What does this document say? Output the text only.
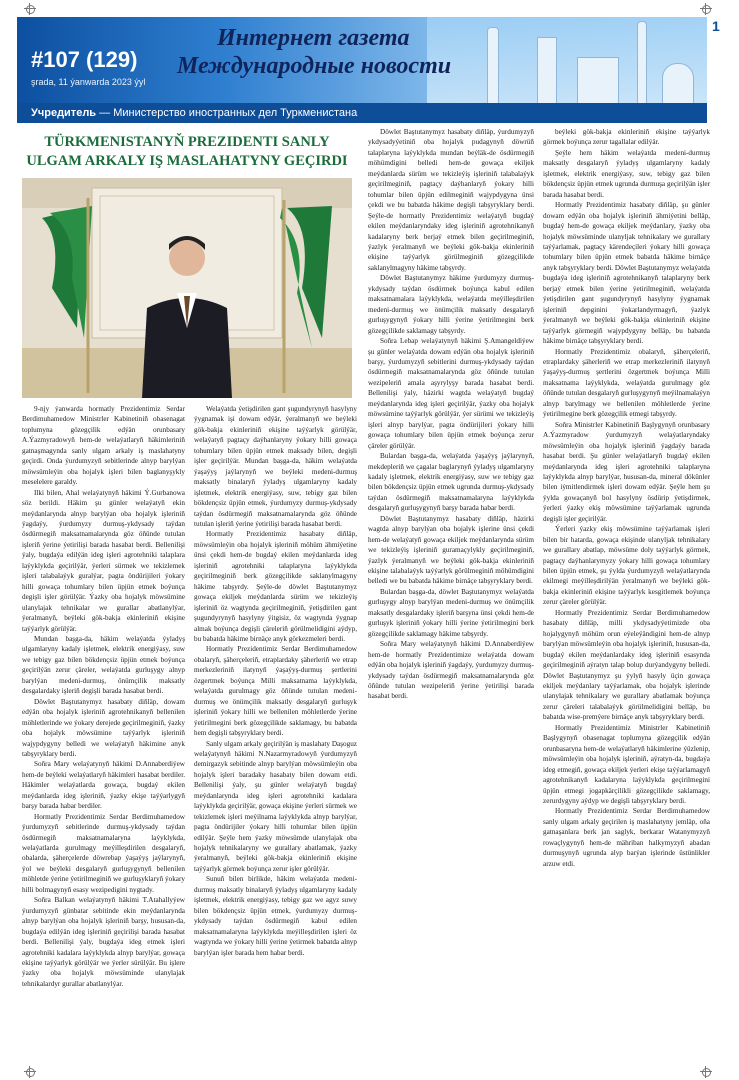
#107 (129)
şrada, 11 ýanwarda 2023 ýyl
Интернет газета
Международные новости
Учредитель — Министерство иностранных дел Туркменистана
1
TÜRKMENISTANYŇ PREZIDENTI SANLY ULGAM ARKALY IŞ MASLAHATYNY GEÇIRDI

9-njy ýanwarda hormatly Prezidentimiz Serdar Berdimuhamedow Ministrler Kabinetiniň obasenagat toplumyna gözegçilik edýän orunbasary A.Ýazmyradowyň hem-de welaýatlaryň häkimleriniň gatnaşmagynda sanly ulgam arkaly iş maslahatyny geçirdi. Onda ýurdumyzyň sebitlerinde alnyp barylýan möwsümleýin oba hojalyk işleri bilen baglanyşykly meselelere garaldy.

Ilki bilen, Ahal welaýatynyň häkimi Ý.Gurbanowa söz berildi. Häkim şu günler welaýatyň ekin meýdanlarynda alnyp barylýan oba hojalyk işleriniň ýagdaýy, ýurdumyzy durmuş-ykdysady taýdan ösdürmegiň maksatnamalarynda göz öňünde tutulan işleriň ýerine ýetirilişi barada hasabat berdi. Bellenilişi ýaly, bugdaýa edilýän ideg işleri agrotehniki talaplara laýyklykda geçirilýär, ýerleri sürmek we tekizlemek işleri talabalaýyk guralýar, pagta öndürijileri ýokary hilli gowaça tohumlary bilen üpjün etmek boýunça degişli işler görülýär. Ýazky oba hojalyk möwsümine ulanylajak tehnikalar we gurallar abatlanylýar, ýeralmanyň, beýleki gök-bakja ekinleriniň ekişine taýýarlyk görülýär.

Mundan başga-da, häkim welaýatda ýyladyş ulgamlaryny kadaly işletmek, elektrik energiýasy, suw we tebigy gaz bilen bökdençsiz üpjün etmek boýunça geçirilýän zerur çäreler, welaýatda gurluşygy alnyp barylýan medeni-durmuş, önümçilik maksatly desgalardaky işleriň degişli barada hasabat berdi.

Döwlet Baştutanymyz hasabaty diňläp, dowam edýän oba hojalyk işleriniň agrotehnikanyň bellenilen möhletlerinde we ýokary derejede geçirilmeginiň, ýazky oba hojalyk möwsümine taýýarlyk işleriniň wajypdygyny belledi we welaýatyň häkimine anyk tabşyryklary berdi.

Soňra Mary welaýatynyň häkimi D.Annaberdiýew hem-de beýleki welaýatlaryň häkimleri hasabat berdiler. Häkimler welaýatlarda gowaça, bugdaý ekilen meýdanlarda ideg işleriniň, ýazky ekişe taýýarlygyň barşy barada habar berdiler.

Hormatly Prezidentimiz Serdar Berdimuhamedow ýurdumyzyň sebitlerinde durmuş-ykdysady taýdan ösdürmegiň maksatnamalaryna laýyklykda, welaýatlarda gurulmagy meýilleşdirilen desgalaryň, obalarda, şäherçelerde döwrebap ýaşaýyş jaýlarynyň, ýol we beýleki desgalaryň gurluşygynyň bellenilen möhletde ýerine ýetirilmeginiň we gurluşyklaryň ýokary hilli bolmagynyň esasy wezipedigini nygtady.

Soňra Balkan welaýatynyň häkimi T.Atahallyýew ýurdumyzyň günbatar sebitinde ekin meýdanlarynda alnyp barylýan oba hojalyk işleriniň barşy, hususan-da, bugdaýa edilýän ideg işleriniň geçirilişi barada hasabat berdi. Bellenilişi ýaly, bugdaýa ideg etmek işleri agrotehniki kadalara laýyklykda alnyp barylýar, gowaça ekişine taýýarlyk görülýär we ýerler sürülýär. Bu işlere ýazky oba hojalyk möwsüminde ulanylajak tehnikalardyr gurallar abatlanylýar.

Welaýatda ýetişdirilen gant şugundyrynyň hasylyny ýygnamak işi dowam edýär, ýeralmanyň we beýleki gök-bakja ekinleriniň ekişine taýýarlyk görülýär, welaýatyň pagtaçy daýhanlaryny ýokary hilli gowaça tohumlary bilen üpjün etmek maksady bilen, degişli işler geçirilýär. Mundan başga-da, häkim welaýatda ýaşaýyş jaýlarynyň we beýleki medeni-durmuş maksatly binalaryň ýyladyş ulgamlaryny kadaly işletmek, elektrik energiýasy, suw, tebigy gaz bilen bökdençsiz üpjün etmek, ýurdumyzy durmuş-ykdysady taýdan ösdürmegiň maksatnamalarynda göz öňünde tutulan işleriň ýerine ýetirilişi barada hasabat berdi.

Hormatly Prezidentimiz hasabaty diňläp, möwsümleýin oba hojalyk işleriniň möhüm ähmiýetine ünsi çekdi hem-de bugdaý ekilen meýdanlarda ideg işleriniň agrotehniki talaplaryna laýyklykda geçirilmeginiň berk gözegçilikde saklanylmagyny häkime tabşyrdy. Şeýle-de döwlet Baştutanymyz gowaça ekiljek meýdanlarda sürüm we tekizleýiş işleriniň öz wagtynda geçirilmeginiň, ýetişdirilen gant şugundyrynyň hasylyny ýitgisiz, öz wagtynda ýygnap almak boýunça degişli çäreleriň görülmelidigini aýdyp, bu babatda häkime birnäçe anyk görkezmeleri berdi.

Hormatly Prezidentimiz Serdar Berdimuhamedow obalaryň, şäherçeleriň, etraplardaky şäherleriň we etrap merkezleriniň ilatynyň ýaşaýyş-durmuş şertlerini özgertmek boýunça Milli maksatnama laýyklykda, welaýatda gurulmagy göz öňünde tutulan medeni-durmuş we önümçilik maksatly desgalaryň gurluşyk işleriniň ýokary hilli we bellenilen möhletlerde ýerine ýetirilmegini berk gözegçilikde saklamagy, bu babatda hem degişli tabşyryklary berdi.

Sanly ulgam arkaly geçirilýän iş maslahaty Daşoguz welaýatynyň häkimi N.Nazarmyradowyň ýurdumyzyň demirgazyk sebitinde alnyp barylýan möwsümleýin oba hojalyk işleri baradaky hasabaty bilen dowam etdi. Bellenilişi ýaly, şu günler welaýatyň bugdaý meýdanlarynda ideg işleri agrotehniki kadalara laýyklykda geçirilýär, gowaça ekişine ýerleri sürmek we tekizlemek işleri meýilnama laýyklykda alnyp barylýar, pagta öndürijiler ýokary hilli tohumlar bilen üpjün edilýär. Şeýle hem ýazky möwsümde ulanylajak oba hojalyk tehnikalaryny we gurallary abatlamak, ýazky ýeralmanyň, beýleki gök-bakja ekinleriniň ekişine taýýarlyk görmek boýunça zerur işler görülýär.

Sunuň bilen birlikde, häkim welaýatda medeni-durmuş maksatly binalaryň ýyladyş ulgamlaryny kadaly işletmek, elektrik energiýasy, tebigy gaz we agyz suwy bilen bökdençsiz üpjün etmek, ýurdumyzy durmuş-ykdysady taýdan ösdürmegiň kabul edilen maksatnamalaryna laýyklykda meýilleşdirilen işleri öz wagtynda we ýokary hilli ýerine ýetirmek babatda alnyp barylýan işler barada hem habar berdi.

Döwlet Baştutanymyz hasabaty diňläp, ýurdumyzyň ykdysadyýetiniň oba hojalyk pudagynyň döwrüň talaplaryna laýyklykda mundan beýläk-de ösdürmegiň möhümdigini belledi hem-de gowaça ekiljek meýdanlarda sürüm we tekizleýiş işleriniň talabalaýyk geçirilmeginiň, pagtaçy daýhanlaryň ýokary hilli tohumlar bilen üpjün edilmeginiň wajypdygyna ünsi çekdi we bu babatda häkime degişli tabşyryklary berdi. Şeýle-de hormatly Prezidentimiz welaýatyň bugdaý ekilen meýdanlaryndaky ideg işleriniň agrotehnikanyň kadalaryny berk berjaý etmek bilen geçirilmeginiň, ýazlyk ýeralmanyň we beýleki gök-bakja ekinleriniň ekişine taýýarlyk görülmeginiň gözegçilikde saklanylmagyny häkime tabşyrdy.

Döwlet Baştutanymyz häkime ýurdumyzy durmuş-ykdysady taýdan ösdürmek boýunça kabul edilen maksatnamalara laýyklykda, welaýatda meýilleşdirilen medeni-durmuş we önümçilik maksatly desgalaryň gurluşygynyň ýokary hilli ýerine ýetirilmegini berk gözegçilikde saklamagy tabşyrdy.

Soňra Lebap welaýatynyň häkimi Ş.Amangeldiýew şu günler welaýatda dowam edýän oba hojalyk işleriniň barşy, ýurdumyzyň sebitlerini durmuş-ykdysady taýdan ösdürmegiň maksatnamalarynda göz öňünde tutulan wezipeleriň amala aşyrylyşy barada hasabat berdi. Bellenilişi ýaly, häzirki wagtda welaýatyň bugdaý meýdanlarynda ideg işleri geçirilýär, ýazky oba hojalyk möwsümine taýýarlyk görülýär, ýer sürümi we tekizleýiş işleri alnyp barylýar, pagta öndürijileri ýokary hilli gowaça tohumlary bilen üpjün etmek boýunça zerur çäreler görülýär.

Bulardan başga-da, welaýatda ýaşaýyş jaýlarynyň, mekdepleriň we çagalar baglarynyň ýyladyş ulgamlaryny kadaly işletmek, elektrik energiýasy, suw we tebigy gaz bilen bökdençsiz üpjün etmek ugrunda durmuş-ykdysady taýdan ösdürmegiň maksatnamalaryna laýyklykda desgalaryň gurluşygynyň barşy barada habar berdi.

Döwlet Baştutanymyz hasabaty diňläp, häzirki wagtda alnyp barylýan oba hojalyk işlerine ünsi çekdi hem-de welaýatyň gowaça ekiljek meýdanlarynda sürüm we tekizleýiş işleriniň guramaçylykly geçirilmeginiň, ýazlyk ýeralmanyň we beýleki gök-bakja ekinleriniň ekişine talabalaýyk taýýarlyk görülmeginiň möhümdigini belledi we bu babatda häkime birnäçe tabşyryklary berdi.

Bulardan başga-da, döwlet Baştutanymyz welaýatda gurluşygy alnyp barylýan medeni-durmuş we önümçilik maksatly desgalardaky işleriň barşyna ünsi çekdi hem-de gurluşyk işleriniň ýokary hilli ýerine ýetirilmegini berk gözegçilikde saklamagy häkime tabşyrdy.

Soňra Mary welaýatynyň häkimi D.Annaberdiýew hem-de hormatly Prezidentimize welaýatda dowam edýän oba hojalyk işleriniň ýagdaýy, ýurdumyzy durmuş-ykdysady taýdan ösdürmegiň maksatnamalarynda göz öňünde tutulan wezipeleriň ýerine ýetirilişi barada hasabat berdi.

beýleki gök-bakja ekinleriniň ekişine taýýarlyk görmek boýunça zerur tagallalar edilýär.

Şeýle hem häkim welaýatda medeni-durmuş maksatly desgalaryň ýyladyş ulgamlaryny kadaly işletmek, elektrik energiýasy, suw, tebigy gaz bilen bökdençsiz üpjün etmek ugrunda durmuşa geçirilýän işler barada hasabat berdi.

Hormatly Prezidentimiz hasabaty diňläp, şu günler dowam edýän oba hojalyk işleriniň ähmiýetini belläp, bugdaý hem-de gowaça ekiljek meýdanlary, ýazky oba hojalyk möwsüminde ulanyljak tehnikalary we gurallary taýýarlamak, pagtaçy kärendeçileri ýokary hilli gowaça tohumlary bilen üpjün etmek babatda häkime birnäçe anyk tabşyryklary berdi. Döwlet Baştutanymyz welaýatda bugdaýa ideg işleriniň agrotehnikanyň talaplaryny berk berjaý etmek bilen ýerine ýetirilmeginiň, welaýatda ýetişdirilen gant şugundyrynyň hasylyny ýygnamak işleriniň depginini ýokarlandyrmagyň, ýazlyk ýeralmanyň we beýleki gök-bakja ekinleriniň ekişine taýýarlyk görmegiň wajypdygyny belläp, bu babatda häkime birnäçe tabşyryklary berdi.

Hormatly Prezidentimiz obalaryň, şäherçeleriň, etraplardaky şäherleriň we etrap merkezleriniň ilatynyň ýaşaýyş-durmuş şertlerini özgertmek boýunça Milli maksatnama laýyklykda, welaýatda gurulmagy göz öňünde tutulan desgalaryň gurluşygynyň meýilnamalaýyn alnyp barylmagy we bellenilen möhletlerde ýerine ýetirilmegine berk gözegçilik etmegi tabşyrdy.

Soňra Ministrler Kabinetiniň Başlygynyň orunbasary A.Ýazmyradow ýurdumyzyň welaýatlaryndaky möwsümleýin oba hojalyk işleriniň ýagdaýy barada hasabat berdi. Şu günler welaýatlaryň bugdaý ekilen meýdanlarynda ideg işleri agrotehniki talaplaryna laýyklykda alnyp barylýar, hususan-da, mineral dökünler bilen iýmitlendirmek işleri dowam edýär. Şeýle hem şu ýylda gowaçanyň bol hasylyny ösdürip ýetişdirmek, ýerleri ýazky ekiş möwsümine taýýarlamak ugrunda degişli işler geçirilýär.

Ýerleri ýazky ekiş möwsümine taýýarlamak işleri bilen bir hatarda, gowaça ekişinde ulanyljak tehnikalary we gurallary abatlap, möwsüme doly taýýarlyk görmek, pagtaçy daýhanlarymyzy ýokary hilli gowaça tohumlary bilen üpjün etmek, şu ýylda ýurdumyzyň welaýatlarynda ekilmegi meýilleşdirilýän ýeralmanyň we beýleki gök-bakja ekinleriniň ekişine taýýarlyk kesgitlemek boýunça zerur çäreler görülýär.

Hormatly Prezidentimiz Serdar Berdimuhamedow hasabaty diňläp, milli ykdysadyýetimizde oba hojalygynyň möhüm orun eýeleýändigini hem-de alnyp barylýan möwsümleýin oba hojalyk işleriniň, hususan-da, bugdaý ekilen meýdanlardaky ideg işleriniň esasynda geçirilmeginiň aýratyn talap bolup durýandygyny belledi. Döwlet Baştutanymyz şu ýylyň hasyly üçin gowaça ekiljek meýdanlary taýýarlamak, oba hojalyk işlerinde ulanylajak tehnikalary we gurallary abatlamak boýunça zerur çäreleri talabalaýyk görülmelidigini belläp, bu babatda wise-premýere birnäçe anyk tabşyryklary berdi.

Hormatly Prezidentimiz Ministrler Kabinetiniň Başlygynyň obasenagat toplumyna gözegçilik edýän orunbasaryna hem-de welaýatlaryň häkimlerine ýüzlenip, möwsümleýin oba hojalyk işleriniň, aýratyn-da, bugdaýa ideg etmegiň, gowaça ekiljek ýerleri ekişe taýýarlamagyň agrotehnikanyň kadalaryna laýyklykda geçirilmegini üpjün etmegi jogapkärçilikli gözegçilikde saklamagy, zerurdygyny aýdyp we degişli tabşyryklary berdi.

Hormatly Prezidentimiz Serdar Berdimuhamedow sanly ulgam arkaly geçirilen iş maslahatyny jemläp, oňa gatnaşanlara berk jan saglyk, berkarar Watanymyzyň rowaçlygynyň hem-de mähriban halkymyzyň abadan durmuşynyň ugrunda alyp barýan işlerinde üstünlikler arzuw etdi.
